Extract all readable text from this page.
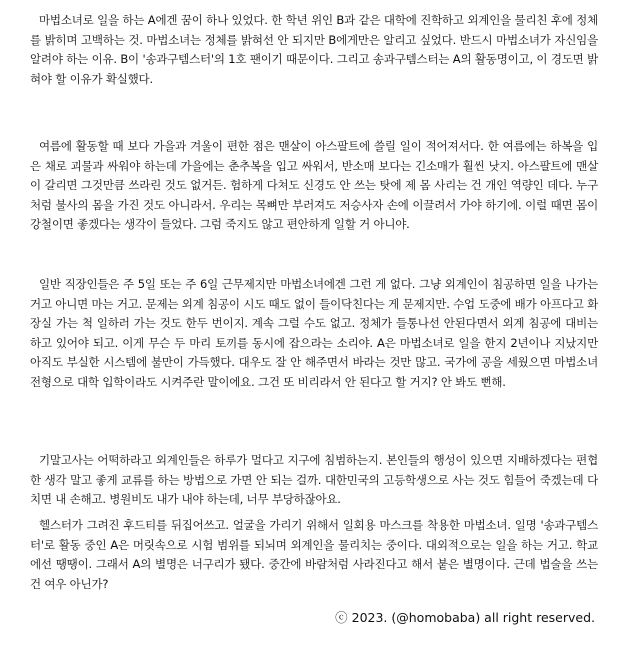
마법소녀로 일을 하는 A에겐 꿈이 하나 있었다. 한 학년 위인 B과 같은 대학에 진학하고 외계인을 물리친 후에 정체를 밝히며 고백하는 것. 마법소녀는 정체를 밝혀선 안 되지만 B에게만은 알리고 싶었다. 반드시 마법소녀가 자신임을 알려야 하는 이유. B이 '송과구템스터'의 1호 팬이기 때문이다. 그리고 송과구템스터는 A의 활동명이고, 이 경도면 밝혀야 할 이유가 확실했다.

여름에 활동할 때 보다 가을과 겨울이 편한 점은 맨살이 아스팔트에 쓸릴 일이 적어져서다. 한 여름에는 하복을 입은 채로 괴물과 싸워야 하는데 가을에는 춘추복을 입고 싸워서, 반소매 보다는 긴소매가 훨씬 낫지. 아스팔트에 맨살이 갈리면 그것만큼 쓰라린 것도 없거든. 험하게 다쳐도 신경도 안 쓰는 탓에 제 몸 사리는 건 개인 역량인 데다. 누구처럼 불사의 몸을 가진 것도 아니라서. 우리는 목뼈만 부러져도 저승사자 손에 이끌려서 가야 하기에. 이럴 때면 몸이 강철이면 좋겠다는 생각이 들었다. 그럼 죽지도 않고 편안하게 일할 거 아니야.

일반 직장인들은 주 5일 또는 주 6일 근무제지만 마법소녀에겐 그런 게 없다. 그냥 외계인이 침공하면 일을 나가는 거고 아니면 마는 거고. 문제는 외계 침공이 시도 때도 없이 들이닥친다는 게 문제지만. 수업 도중에 배가 아프다고 화장실 가는 척 일하러 가는 것도 한두 번이지. 계속 그럴 수도 없고. 정체가 들통나선 안된다면서 외계 침공에 대비는 하고 있어야 되고. 이게 무슨 두 마리 토끼를 동시에 잡으라는 소리야. A은 마법소녀로 일을 한지 2년이나 지났지만 아직도 부실한 시스템에 불만이 가득했다. 대우도 잘 안 해주면서 바라는 것만 많고. 국가에 공을 세웠으면 마법소녀 전형으로 대학 입학이라도 시켜주란 말이에요. 그건 또 비리라서 안 된다고 할 거지? 안 봐도 뻔해.

기말고사는 어떡하라고 외계인들은 하루가 멀다고 지구에 침범하는지. 본인들의 행성이 있으면 지배하겠다는 편협한 생각 말고 좋게 교류를 하는 방법으로 가면 안 되는 걸까. 대한민국의 고등학생으로 사는 것도 힘들어 죽겠는데 다치면 내 손해고. 병원비도 내가 내야 하는데, 너무 부당하잖아요.

헬스터가 그려진 후드티를 뒤집어쓰고. 얼굴을 가리기 위해서 일회용 마스크를 착용한 마법소녀. 일명 '송과구템스터'로 활동 중인 A은 머릿속으로 시험 범위를 되뇌며 외계인을 물리치는 중이다. 대외적으로는 일을 하는 거고. 학교에선 땡땡이. 그래서 A의 별명은 너구리가 됐다. 중간에 바람처럼 사라진다고 해서 붙은 별명이다. 근데 법술을 쓰는 건 여우 아닌가?

ⓒ 2023. (@homobaba) all right reserved.
